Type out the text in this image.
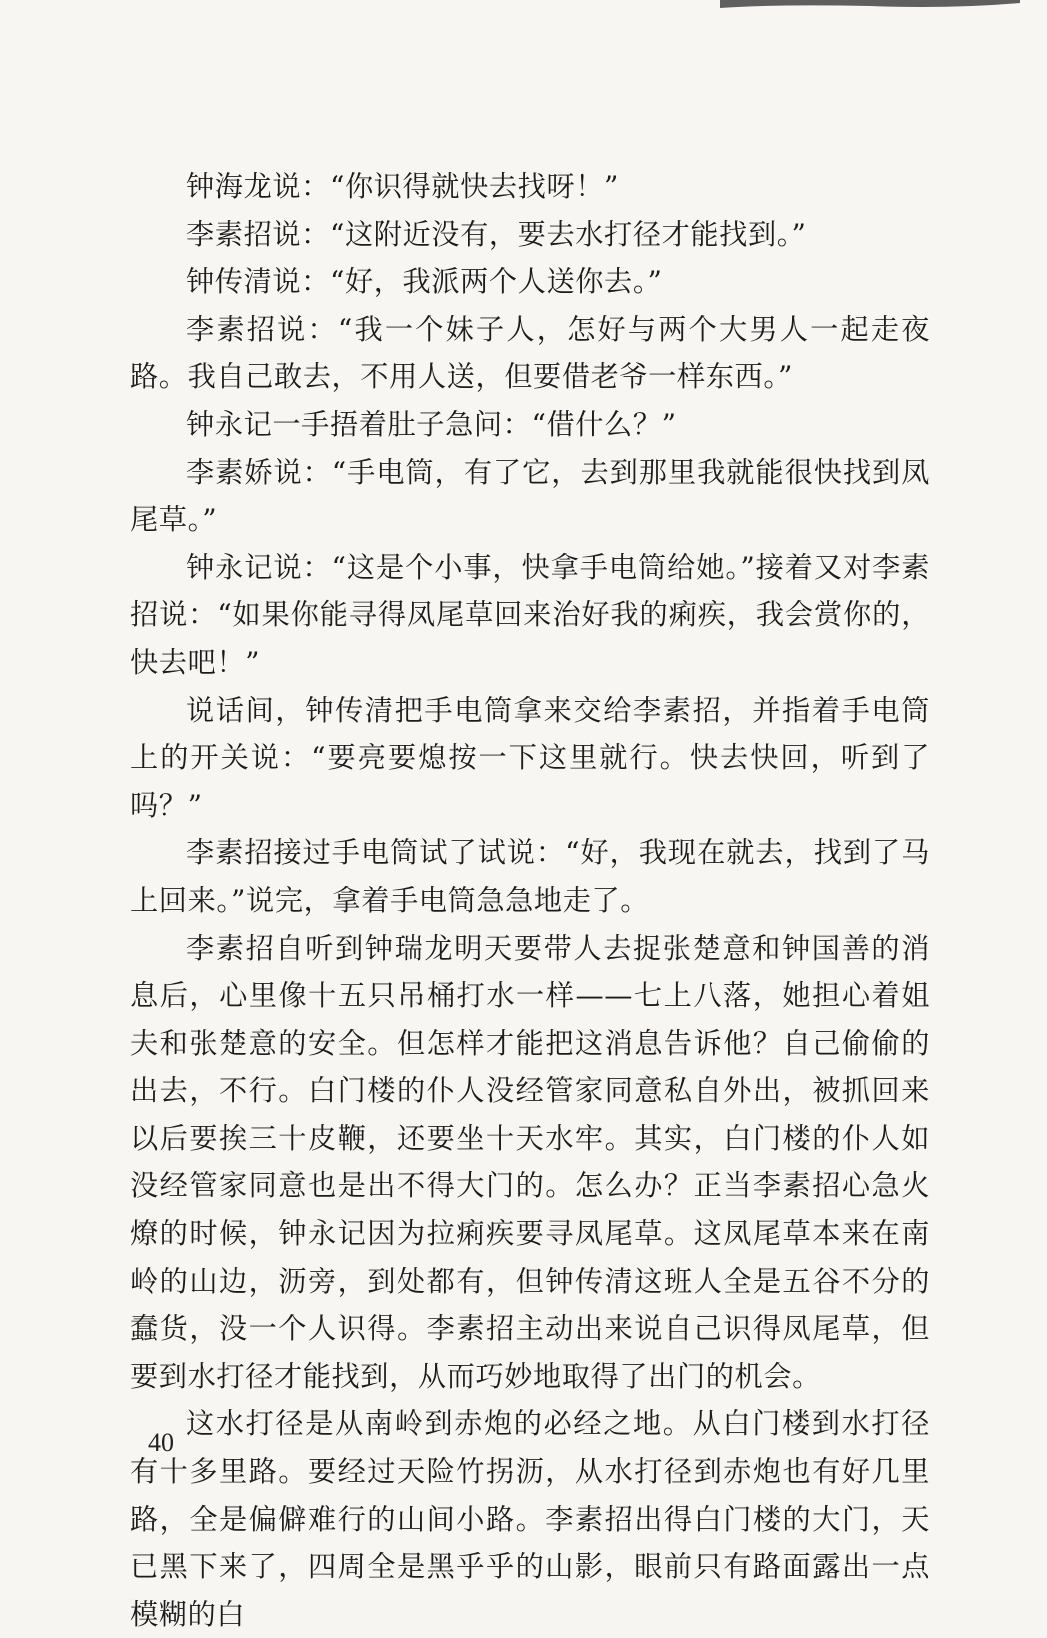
钟海龙说：“你识得就快去找呀！”

李素招说：“这附近没有，要去水打径才能找到。”

钟传清说：“好，我派两个人送你去。”

李素招说：“我一个妹子人，怎好与两个大男人一起走夜路。我自己敢去，不用人送，但要借老爷一样东西。”

钟永记一手捂着肚子急问：“借什么？”

李素娇说：“手电筒，有了它，去到那里我就能很快找到凤尾草。”

钟永记说：“这是个小事，快拿手电筒给她。”接着又对李素招说：“如果你能寻得凤尾草回来治好我的痢疾，我会赏你的，快去吧！”

说话间，钟传清把手电筒拿来交给李素招，并指着手电筒上的开关说：“要亮要熄按一下这里就行。快去快回，听到了吗？”

李素招接过手电筒试了试说：“好，我现在就去，找到了马上回来。”说完，拿着手电筒急急地走了。

李素招自听到钟瑞龙明天要带人去捉张楚意和钟国善的消息后，心里像十五只吊桶打水一样——七上八落，她担心着姐夫和张楚意的安全。但怎样才能把这消息告诉他？自己偷偷的出去，不行。白门楼的仆人没经管家同意私自外出，被抓回来以后要挨三十皮鞭，还要坐十天水牢。其实，白门楼的仆人如没经管家同意也是出不得大门的。怎么办？正当李素招心急火燎的时候，钟永记因为拉痢疾要寻凤尾草。这凤尾草本来在南岭的山边，沥旁，到处都有，但钟传清这班人全是五谷不分的蠢货，没一个人识得。李素招主动出来说自己识得凤尾草，但要到水打径才能找到，从而巧妙地取得了出门的机会。

这水打径是从南岭到赤炮的必经之地。从白门楼到水打径有十多里路。要经过天险竹拐沥，从水打径到赤炮也有好几里路，全是偏僻难行的山间小路。李素招出得白门楼的大门，天已黑下来了，四周全是黑乎乎的山影，眼前只有路面露出一点模糊的白

40
